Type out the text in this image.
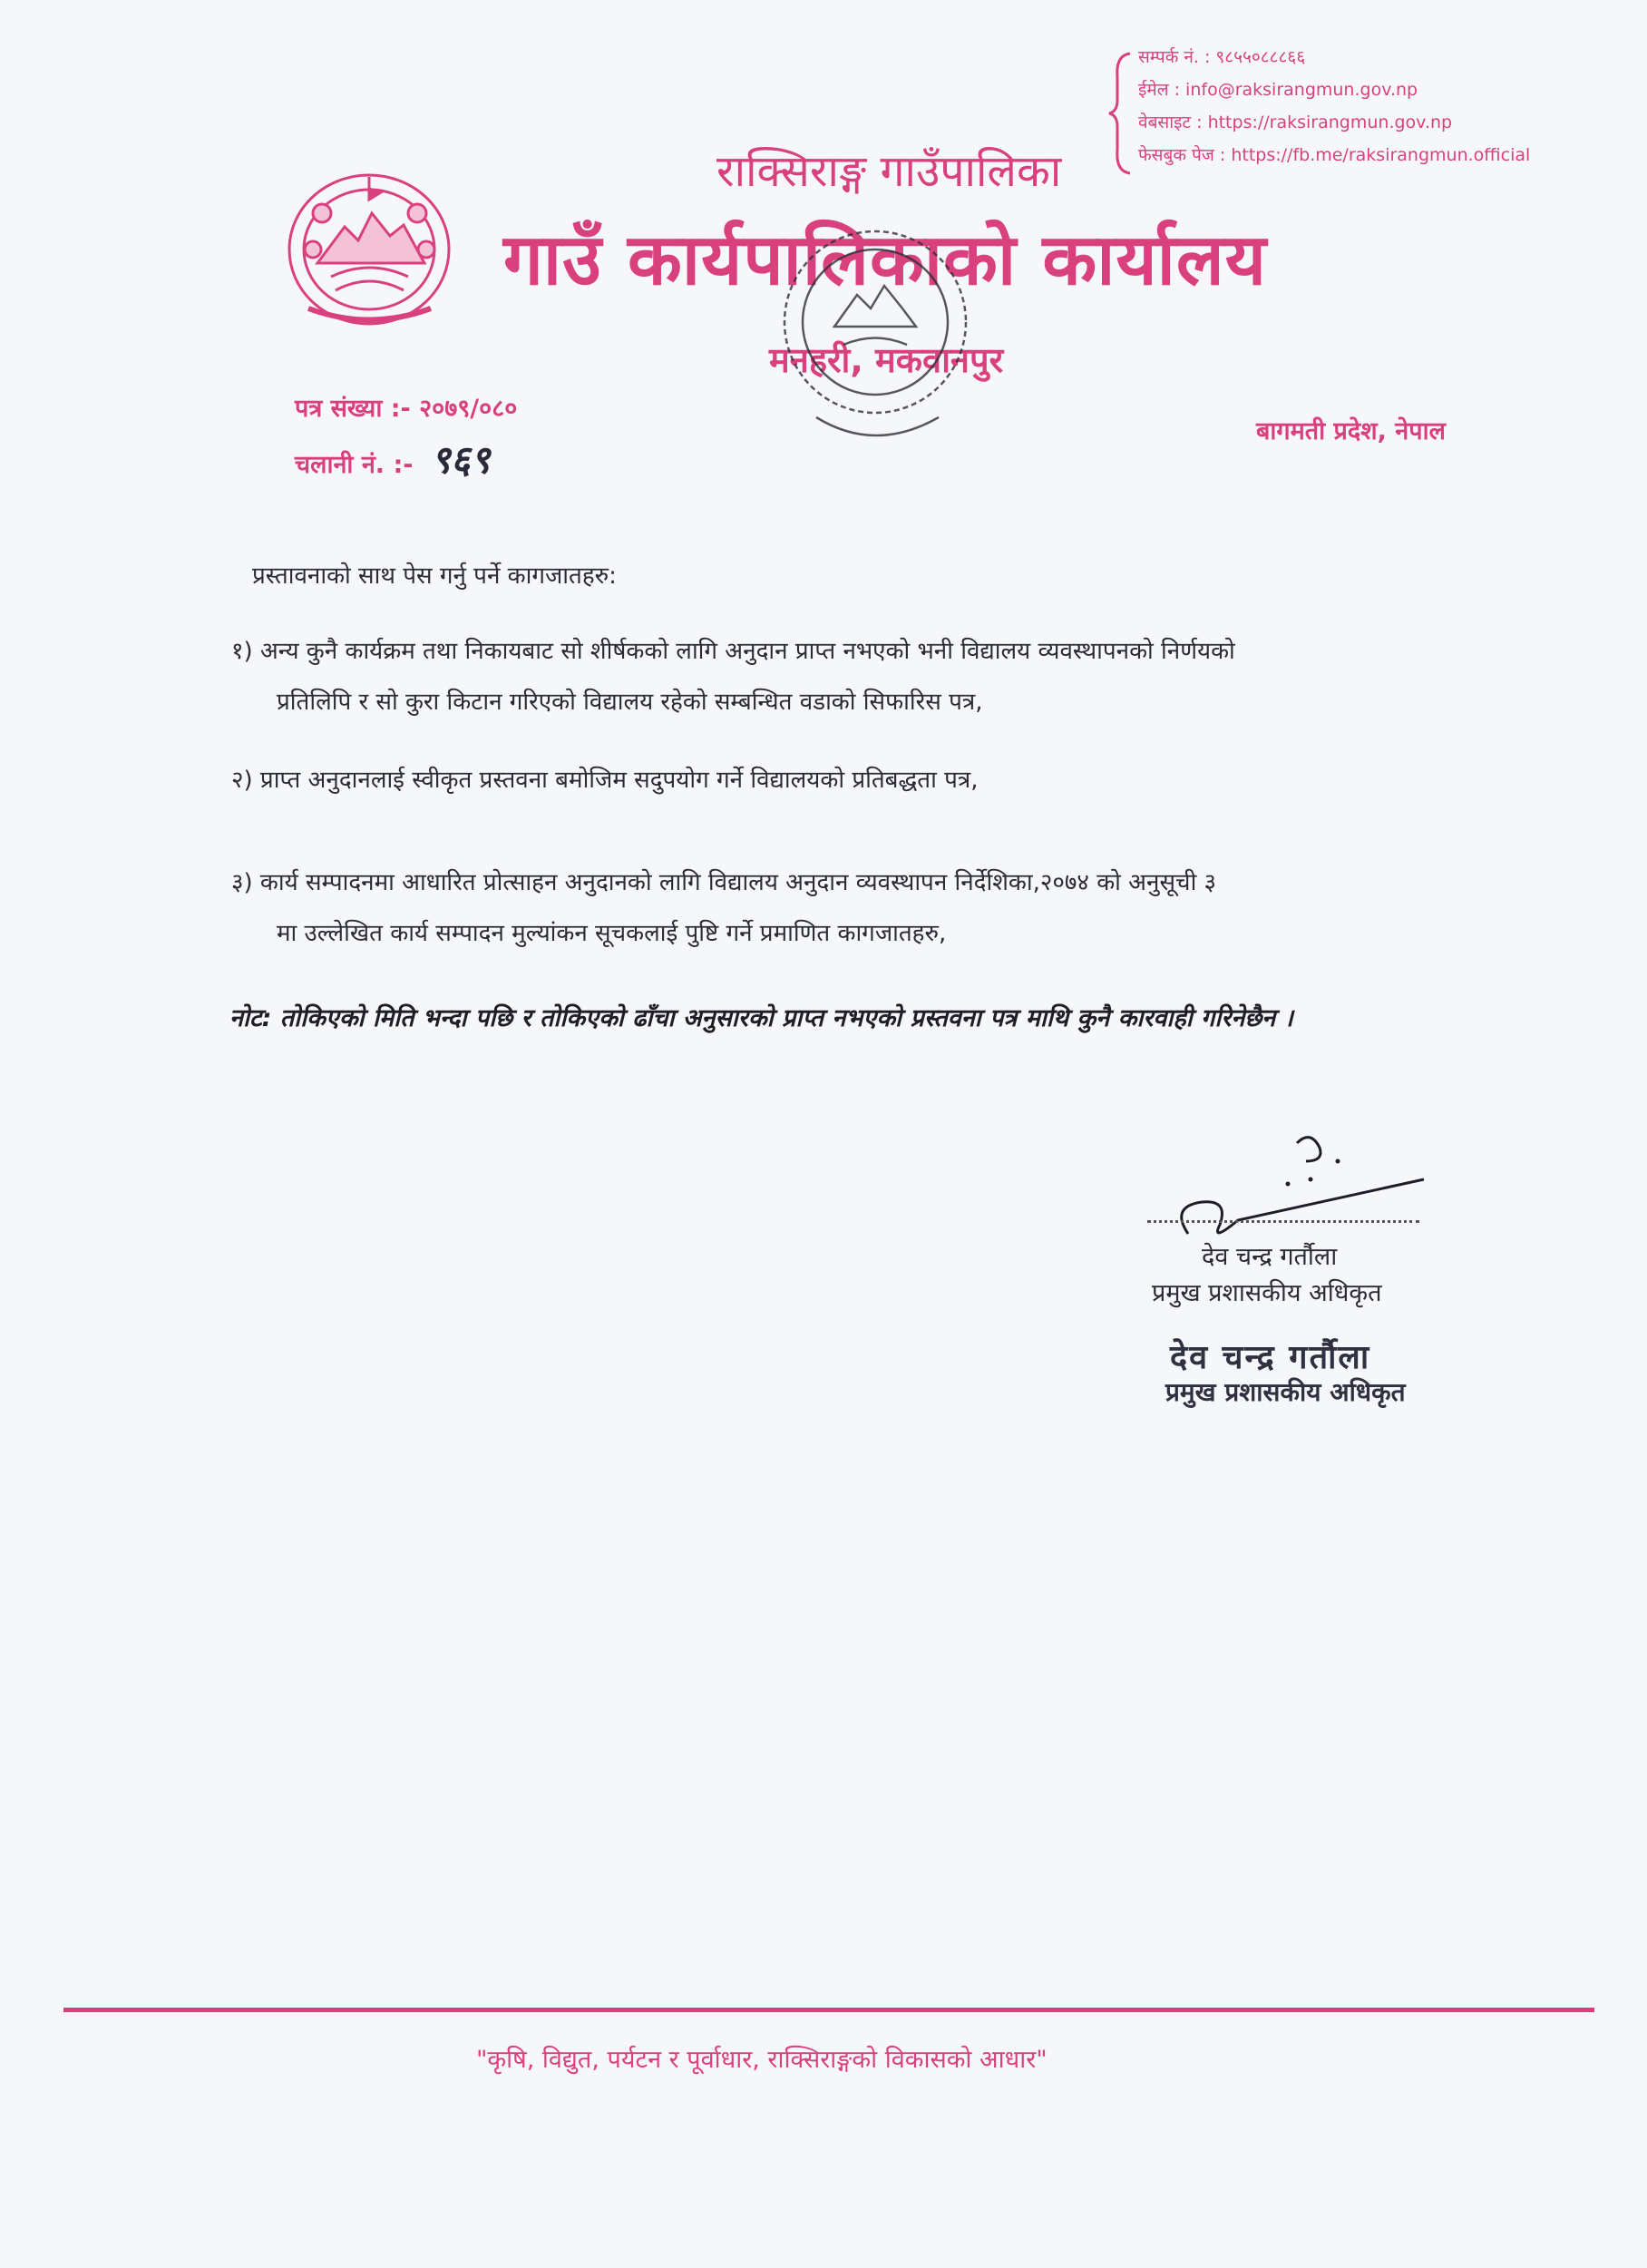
सम्पर्क नं. : ९८५५०८८८६६
ईमेल : info@raksirangmun.gov.np
वेबसाइट : https://raksirangmun.gov.np
फेसबुक पेज : https://fb.me/raksirangmun.official
राक्सिराङ्ग गाउँपालिका
गाउँ कार्यपालिकाको कार्यालय
मनहरी, मकवानपुर
पत्र संख्या :- २०७९/०८०
चलानी नं. :- ९६९
बागमती प्रदेश, नेपाल
प्रस्तावनाको साथ पेस गर्नु पर्ने कागजातहरु:
१) अन्य कुनै कार्यक्रम तथा निकायबाट सो शीर्षकको लागि अनुदान प्राप्त नभएको भनी विद्यालय व्यवस्थापनको निर्णयको
प्रतिलिपि र सो कुरा किटान गरिएको विद्यालय रहेको सम्बन्धित वडाको सिफारिस पत्र,
२) प्राप्त अनुदानलाई स्वीकृत प्रस्तवना बमोजिम सदुपयोग गर्ने विद्यालयको प्रतिबद्धता पत्र,
३) कार्य सम्पादनमा आधारित प्रोत्साहन अनुदानको लागि विद्यालय अनुदान व्यवस्थापन निर्देशिका,२०७४ को अनुसूची ३
मा उल्लेखित कार्य सम्पादन मुल्यांकन सूचकलाई पुष्टि गर्ने प्रमाणित कागजातहरु,
नोट: तोकिएको मिति भन्दा पछि र तोकिएको ढाँचा अनुसारको प्राप्त नभएको प्रस्तवना पत्र माथि कुनै कारवाही गरिनेछैन ।
देव चन्द्र गर्तौला
प्रमुख प्रशासकीय अधिकृत
देव चन्द्र गर्तौला
प्रमुख प्रशासकीय अधिकृत
"कृषि, विद्युत, पर्यटन र पूर्वाधार, राक्सिराङ्गको विकासको आधार"
